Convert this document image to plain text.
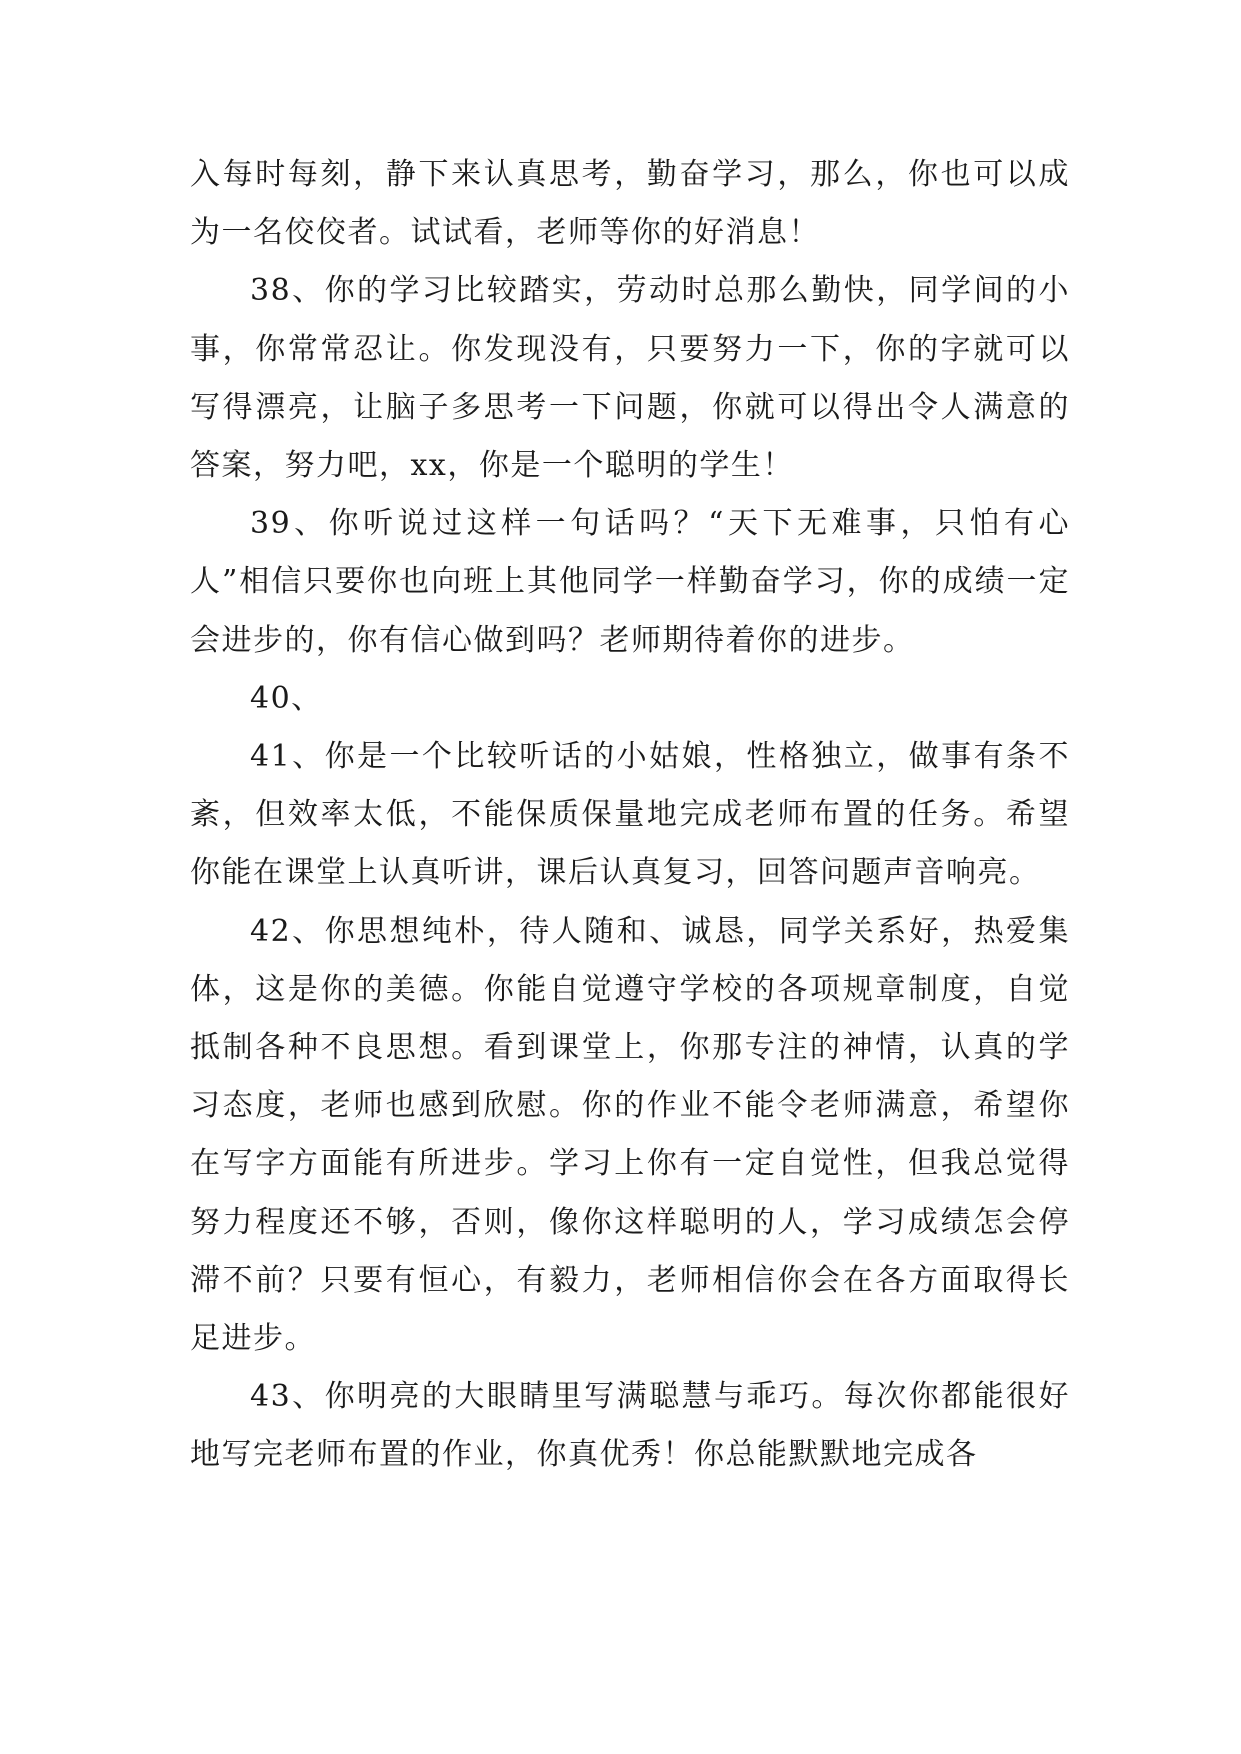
入每时每刻，静下来认真思考，勤奋学习，那么，你也可以成为一名佼佼者。试试看，老师等你的好消息！

38、你的学习比较踏实，劳动时总那么勤快，同学间的小事，你常常忍让。你发现没有，只要努力一下，你的字就可以写得漂亮，让脑子多思考一下问题，你就可以得出令人满意的答案，努力吧，xx，你是一个聪明的学生！

39、你听说过这样一句话吗？“天下无难事，只怕有心人”相信只要你也向班上其他同学一样勤奋学习，你的成绩一定会进步的，你有信心做到吗？老师期待着你的进步。

40、

41、你是一个比较听话的小姑娘，性格独立，做事有条不紊，但效率太低，不能保质保量地完成老师布置的任务。希望你能在课堂上认真听讲，课后认真复习，回答问题声音响亮。

42、你思想纯朴，待人随和、诚恳，同学关系好，热爱集体，这是你的美德。你能自觉遵守学校的各项规章制度，自觉抵制各种不良思想。看到课堂上，你那专注的神情，认真的学习态度，老师也感到欣慰。你的作业不能令老师满意，希望你在写字方面能有所进步。学习上你有一定自觉性，但我总觉得努力程度还不够，否则，像你这样聪明的人，学习成绩怎会停滞不前？只要有恒心，有毅力，老师相信你会在各方面取得长足进步。

43、你明亮的大眼睛里写满聪慧与乖巧。每次你都能很好地写完老师布置的作业，你真优秀！你总能默默地完成各
